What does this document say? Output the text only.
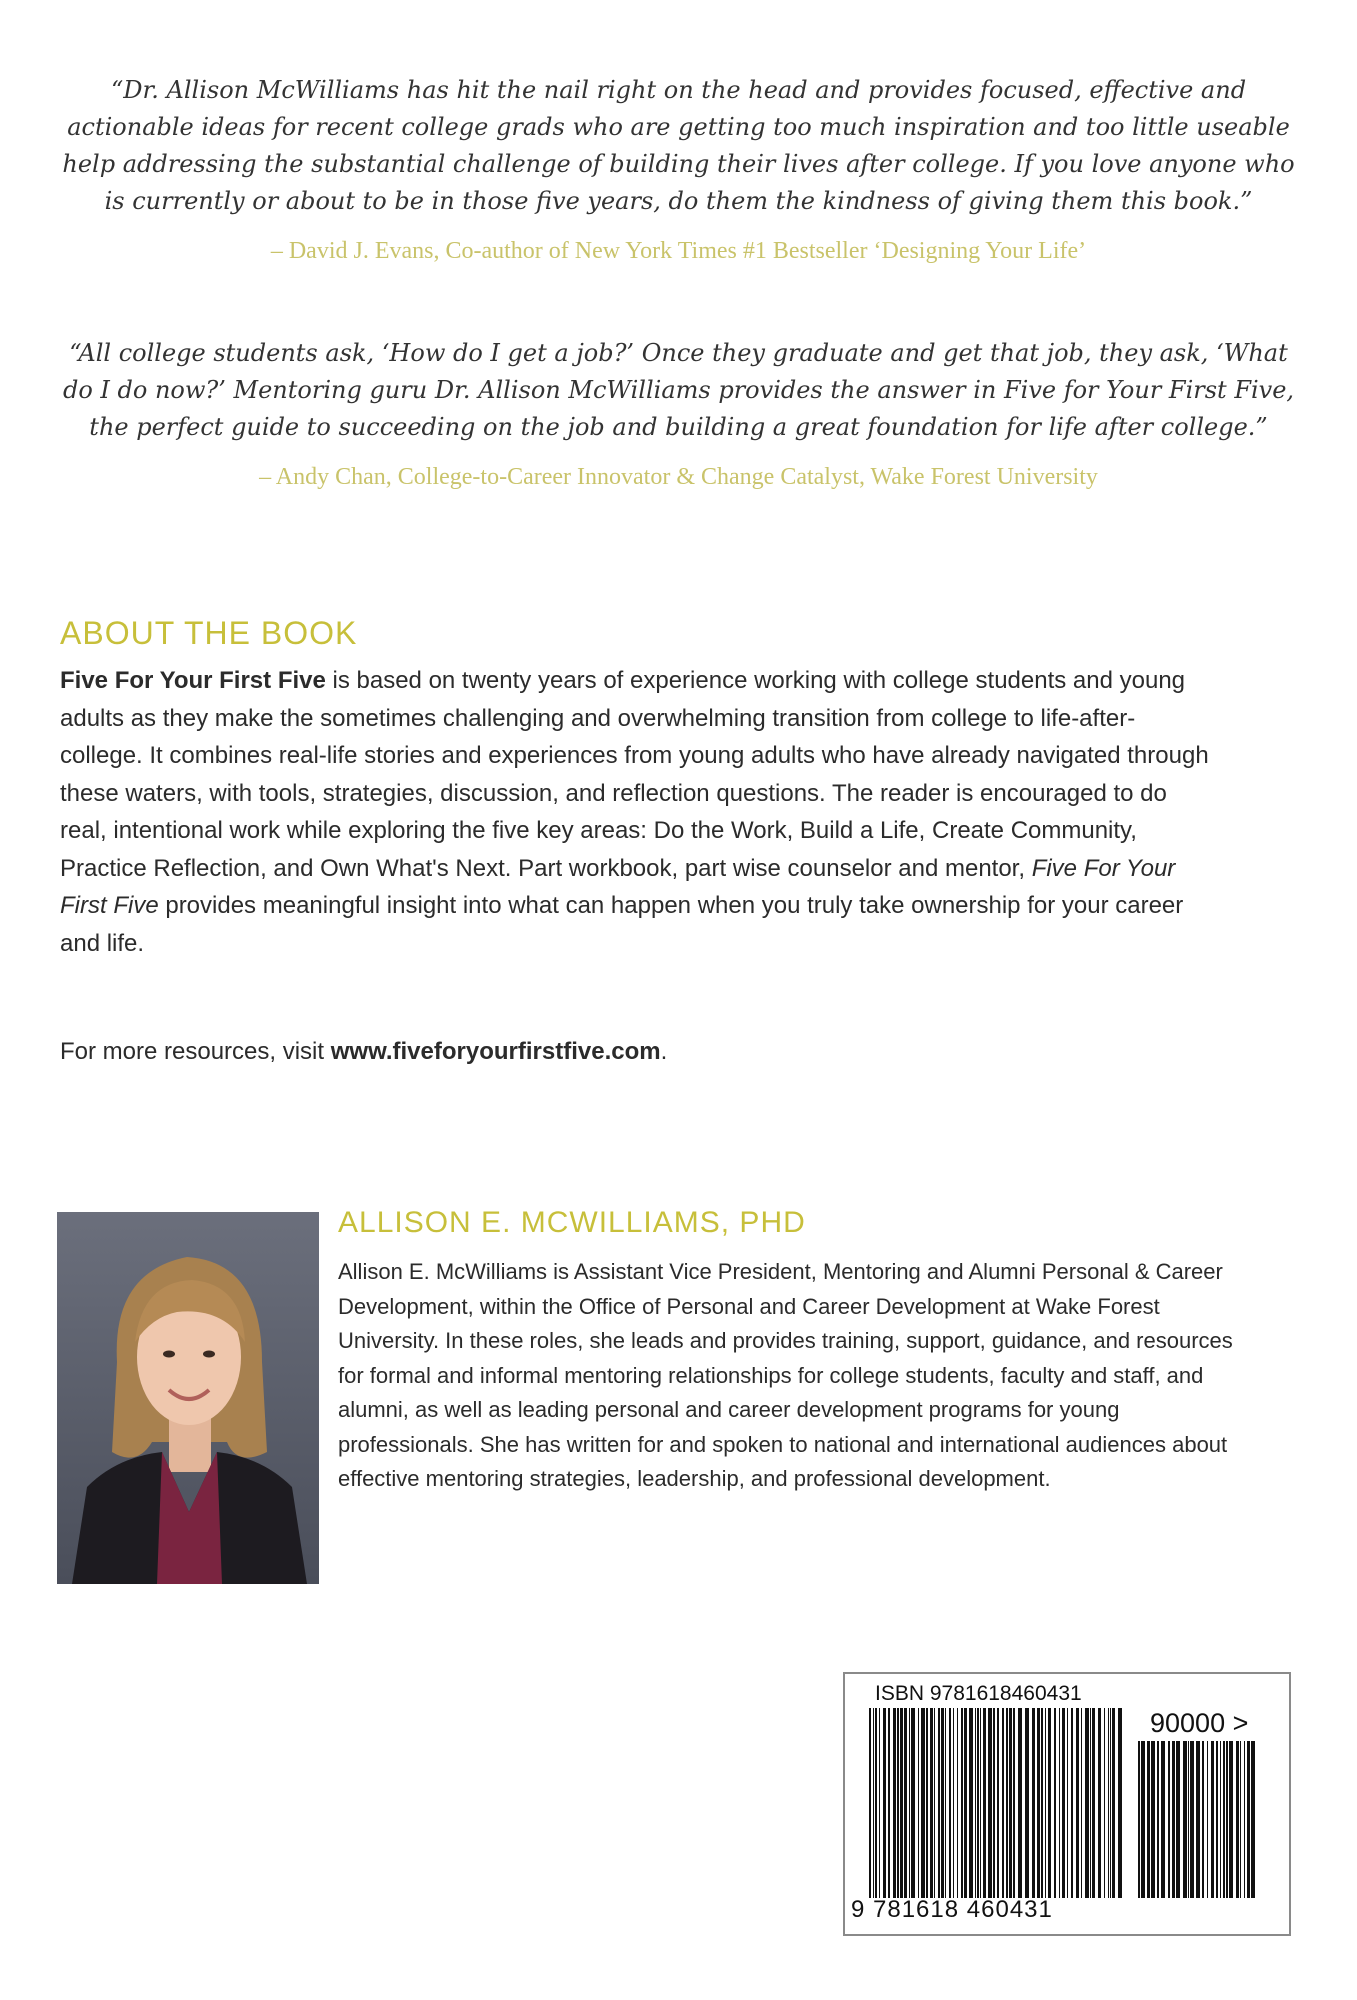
“Dr. Allison McWilliams has hit the nail right on the head and provides focused, effective and actionable ideas for recent college grads who are getting too much inspiration and too little useable help addressing the substantial challenge of building their lives after college. If you love anyone who is currently or about to be in those five years, do them the kindness of giving them this book.”

– David J. Evans, Co-author of New York Times #1 Bestseller ‘Designing Your Life’

“All college students ask, ‘How do I get a job?’ Once they graduate and get that job, they ask, ‘What do I do now?’ Mentoring guru Dr. Allison McWilliams provides the answer in Five for Your First Five, the perfect guide to succeeding on the job and building a great foundation for life after college.”

– Andy Chan, College-to-Career Innovator & Change Catalyst, Wake Forest University
ABOUT THE BOOK

Five For Your First Five is based on twenty years of experience working with college students and young adults as they make the sometimes challenging and overwhelming transition from college to life-after-college. It combines real-life stories and experiences from young adults who have already navigated through these waters, with tools, strategies, discussion, and reflection questions. The reader is encouraged to do real, intentional work while exploring the five key areas: Do the Work, Build a Life, Create Community, Practice Reflection, and Own What's Next. Part workbook, part wise counselor and mentor, Five For Your First Five provides meaningful insight into what can happen when you truly take ownership for your career and life.

For more resources, visit www.fiveforyourfirstfive.com.

ALLISON E. MCWILLIAMS, PHD

Allison E. McWilliams is Assistant Vice President, Mentoring and Alumni Personal & Career Development, within the Office of Personal and Career Development at Wake Forest University. In these roles, she leads and provides training, support, guidance, and resources for formal and informal mentoring relationships for college students, faculty and staff, and alumni, as well as leading personal and career development programs for young professionals. She has written for and spoken to national and international audiences about effective mentoring strategies, leadership, and professional development.

ISBN 9781618460431
90000 >
9 781618 460431
